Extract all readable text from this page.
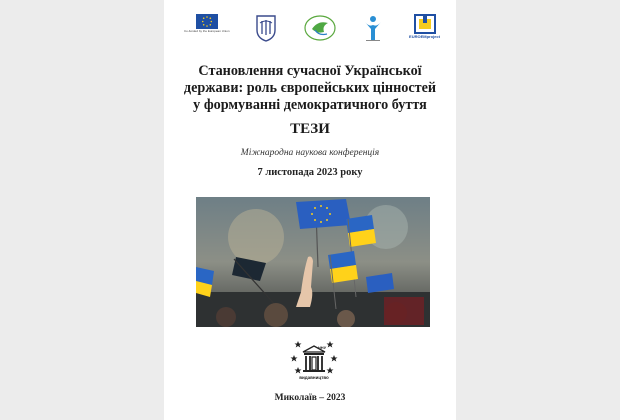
Co-funded by the European Union
EUROEMproject
Становлення сучасної Української держави: роль європейських цінностей у формуванні демократичного буття
ТЕЗИ
Міжнародна наукова конференція
7 листопада 2023 року
ЧНУ
видавництво
Миколаїв – 2023
